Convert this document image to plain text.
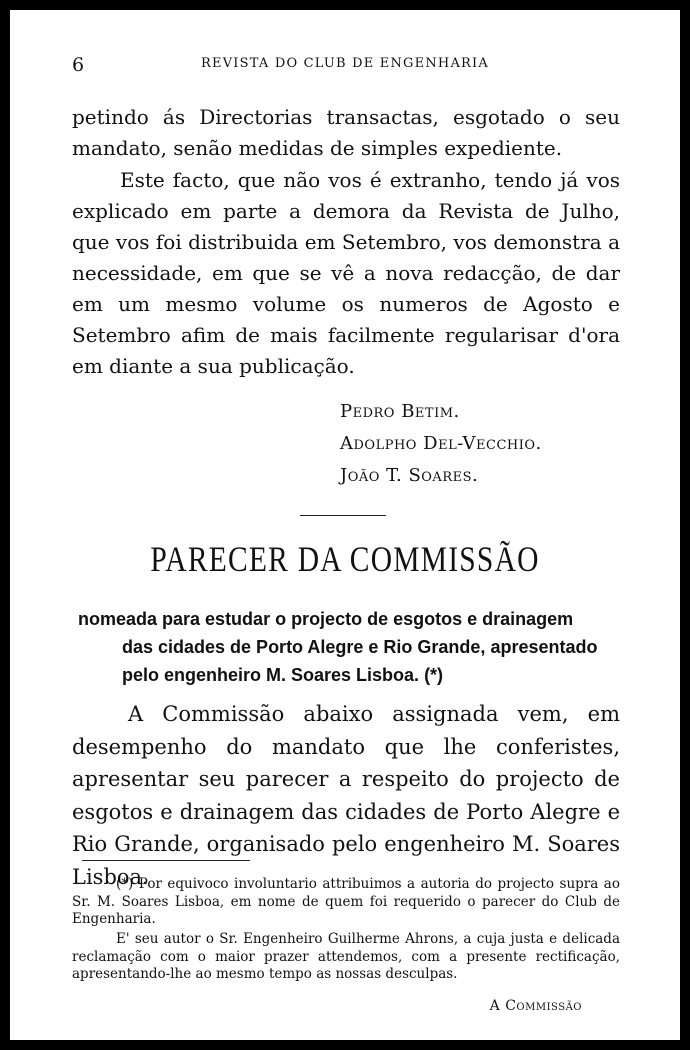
6	REVISTA DO CLUB DE ENGENHARIA

petindo ás Directorias transactas, esgotado o seu mandato, senão medidas de simples expediente.

Este facto, que não vos é extranho, tendo já vos explicado em parte a demora da Revista de Julho, que vos foi distribuida em Setembro, vos demonstra a necessidade, em que se vê a nova redacção, de dar em um mesmo volume os numeros de Agosto e Setembro afim de mais facilmente regularisar d'ora em diante a sua publicação.

Pedro Betim.
Adolpho Del-Vecchio.
João T. Soares.
PARECER DA COMMISSÃO
nomeada para estudar o projecto de esgotos e drainagem
das cidades de Porto Alegre e Rio Grande, apresentado
pelo engenheiro M. Soares Lisboa. (*)

A Commissão abaixo assignada vem, em desempenho do mandato que lhe conferistes, apresentar seu parecer a respeito do projecto de esgotos e drainagem das cidades de Porto Alegre e Rio Grande, organisado pelo engenheiro M. Soares Lisboa.

(*) Por equivoco involuntario attribuimos a autoria do projecto supra ao Sr. M. Soares Lisboa, em nome de quem foi requerido o parecer do Club de Engenharia.

E' seu autor o Sr. Engenheiro Guilherme Ahrons, a cuja justa e delicada reclamação com o maior prazer attendemos, com a presente rectificação, apresentando-lhe ao mesmo tempo as nossas desculpas.

A Commissão
